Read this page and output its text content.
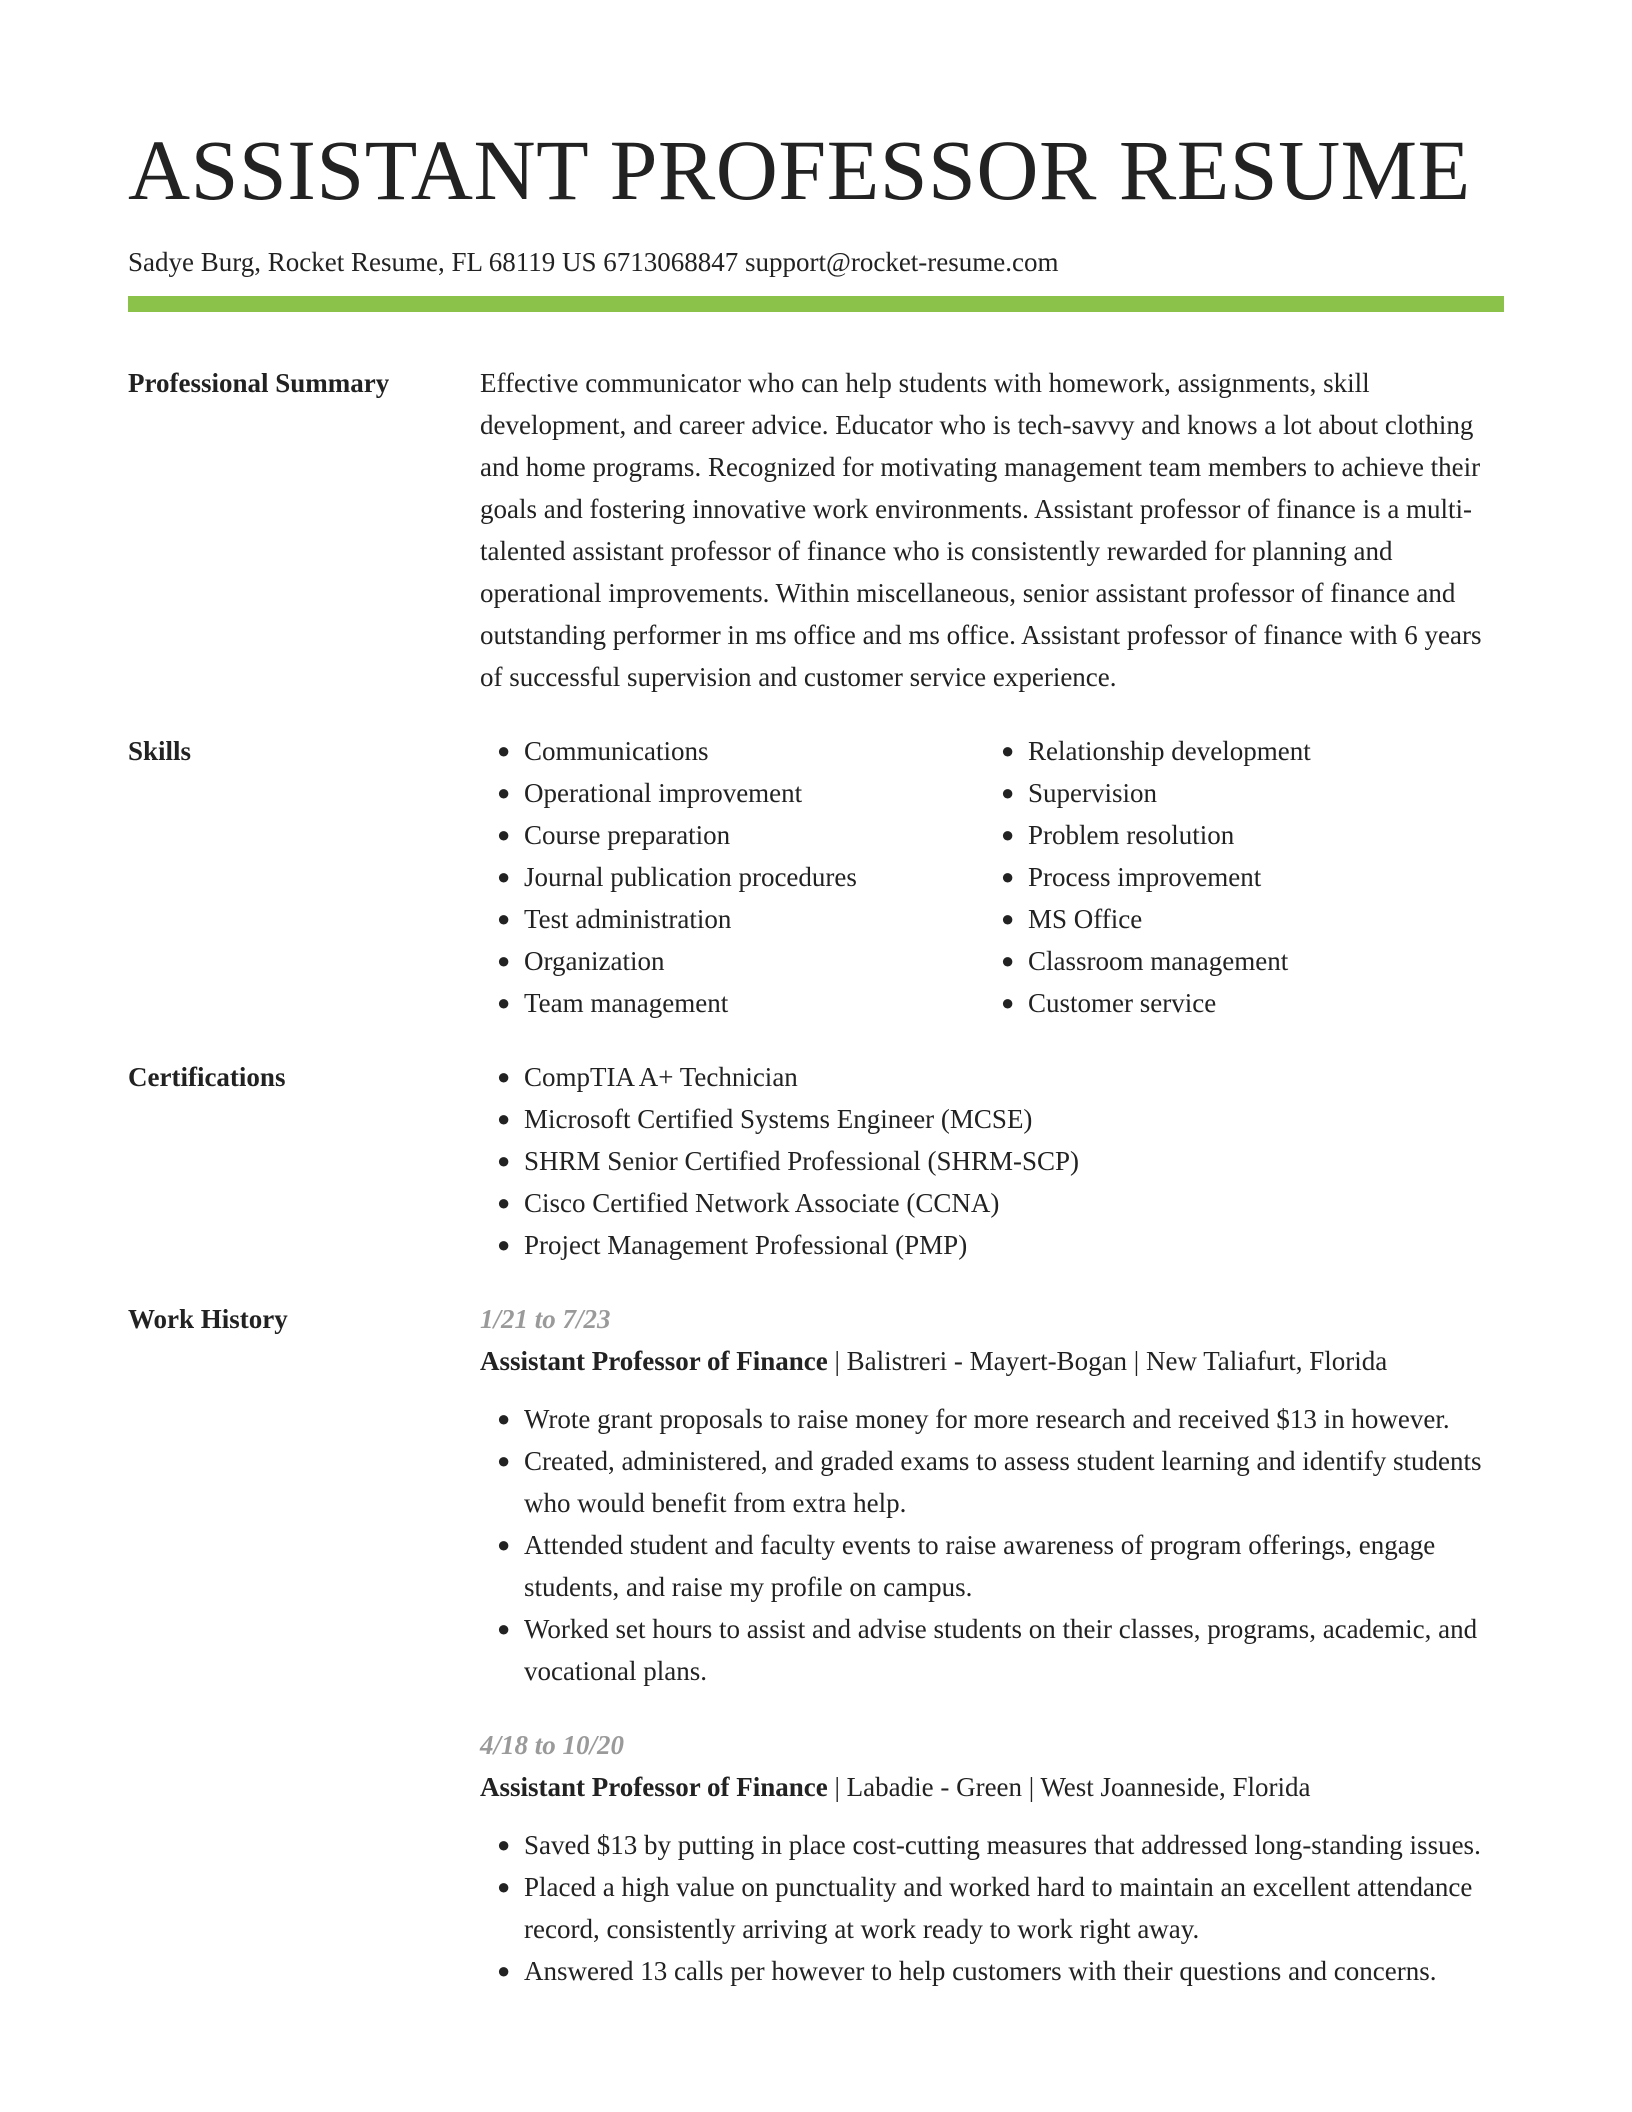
ASSISTANT PROFESSOR RESUME
Sadye Burg, Rocket Resume, FL 68119 US 6713068847 support@rocket-resume.com
Professional Summary	Effective communicator who can help students with homework, assignments, skill development, and career advice. Educator who is tech-savvy and knows a lot about clothing and home programs. Recognized for motivating management team members to achieve their goals and fostering innovative work environments. Assistant professor of finance is a multi-talented assistant professor of finance who is consistently rewarded for planning and operational improvements. Within miscellaneous, senior assistant professor of finance and outstanding performer in ms office and ms office. Assistant professor of finance with 6 years of successful supervision and customer service experience.

Skills	● Communications
● Operational improvement
● Course preparation
● Journal publication procedures
● Test administration
● Organization
● Team management
● Relationship development
● Supervision
● Problem resolution
● Process improvement
● MS Office
● Classroom management
● Customer service
Certifications	● CompTIA A+ Technician
● Microsoft Certified Systems Engineer (MCSE)
● SHRM Senior Certified Professional (SHRM-SCP)
● Cisco Certified Network Associate (CCNA)
● Project Management Professional (PMP)
Work History	1/21 to 7/23
Assistant Professor of Finance | Balistreri - Mayert-Bogan | New Taliafurt, Florida
● Wrote grant proposals to raise money for more research and received $13 in however.
● Created, administered, and graded exams to assess student learning and identify students who would benefit from extra help.
● Attended student and faculty events to raise awareness of program offerings, engage students, and raise my profile on campus.
● Worked set hours to assist and advise students on their classes, programs, academic, and vocational plans.
4/18 to 10/20
Assistant Professor of Finance | Labadie - Green | West Joanneside, Florida
● Saved $13 by putting in place cost-cutting measures that addressed long-standing issues.
● Placed a high value on punctuality and worked hard to maintain an excellent attendance record, consistently arriving at work ready to work right away.
● Answered 13 calls per however to help customers with their questions and concerns.
